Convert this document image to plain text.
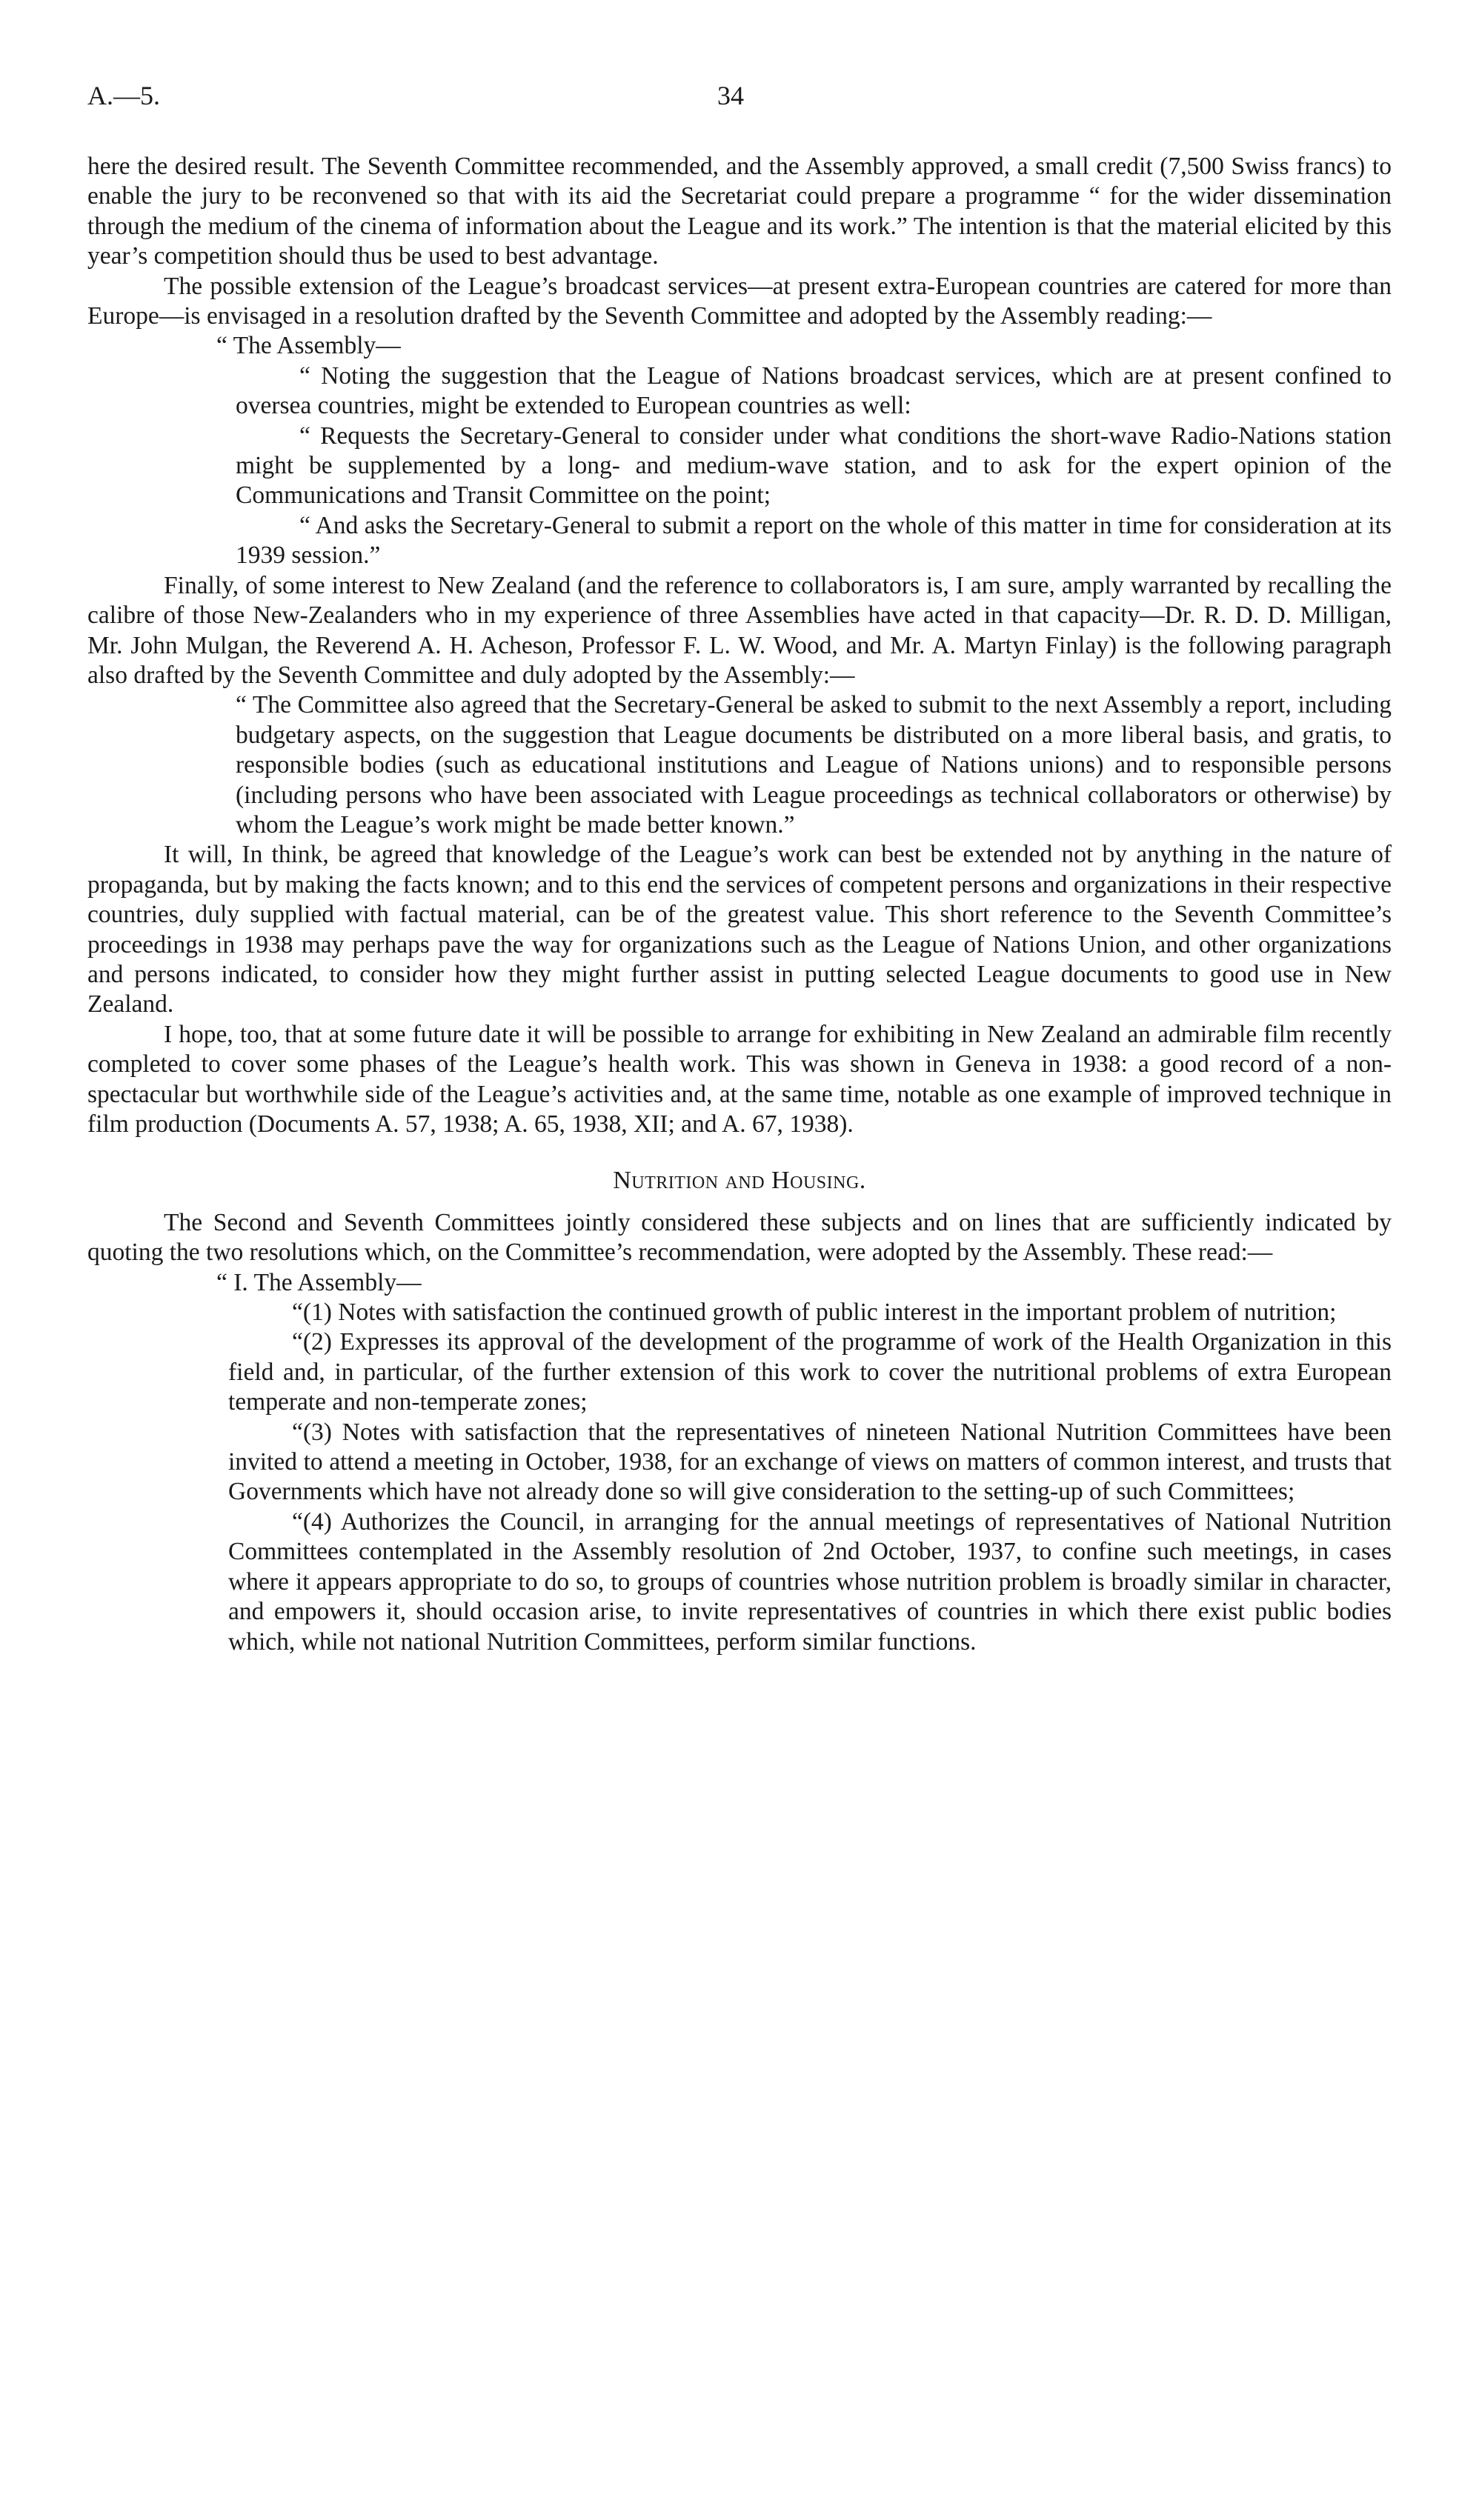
A.—5.	34

here the desired result. The Seventh Committee recommended, and the Assembly approved, a small credit (7,500 Swiss francs) to enable the jury to be reconvened so that with its aid the Secretariat could prepare a programme “ for the wider dissemination through the medium of the cinema of information about the League and its work.” The intention is that the material elicited by this year’s competition should thus be used to best advantage.

The possible extension of the League’s broadcast services—at present extra-European countries are catered for more than Europe—is envisaged in a resolution drafted by the Seventh Committee and adopted by the Assembly reading:—

“ The Assembly—

“ Noting the suggestion that the League of Nations broadcast services, which are at present confined to oversea countries, might be extended to European countries as well:

“ Requests the Secretary-General to consider under what conditions the short-wave Radio-Nations station might be supplemented by a long- and medium-wave station, and to ask for the expert opinion of the Communications and Transit Committee on the point;

“ And asks the Secretary-General to submit a report on the whole of this matter in time for consideration at its 1939 session.”

Finally, of some interest to New Zealand (and the reference to collaborators is, I am sure, amply warranted by recalling the calibre of those New-Zealanders who in my experience of three Assemblies have acted in that capacity—Dr. R. D. D. Milligan, Mr. John Mulgan, the Reverend A. H. Acheson, Professor F. L. W. Wood, and Mr. A. Martyn Finlay) is the following paragraph also drafted by the Seventh Committee and duly adopted by the Assembly:—

“ The Committee also agreed that the Secretary-General be asked to submit to the next Assembly a report, including budgetary aspects, on the suggestion that League documents be distributed on a more liberal basis, and gratis, to responsible bodies (such as educational institutions and League of Nations unions) and to responsible persons (including persons who have been associated with League proceedings as technical collaborators or otherwise) by whom the League’s work might be made better known.”

It will, In think, be agreed that knowledge of the League’s work can best be extended not by anything in the nature of propaganda, but by making the facts known; and to this end the services of competent persons and organizations in their respective countries, duly supplied with factual material, can be of the greatest value. This short reference to the Seventh Committee’s proceedings in 1938 may perhaps pave the way for organizations such as the League of Nations Union, and other organizations and persons indicated, to consider how they might further assist in putting selected League documents to good use in New Zealand.

I hope, too, that at some future date it will be possible to arrange for exhibiting in New Zealand an admirable film recently completed to cover some phases of the League’s health work. This was shown in Geneva in 1938: a good record of a non-spectacular but worthwhile side of the League’s activities and, at the same time, notable as one example of improved technique in film production (Documents A. 57, 1938; A. 65, 1938, XII; and A. 67, 1938).

Nutrition and Housing.

The Second and Seventh Committees jointly considered these subjects and on lines that are sufficiently indicated by quoting the two resolutions which, on the Committee’s recommendation, were adopted by the Assembly. These read:—

“ I. The Assembly—

“(1) Notes with satisfaction the continued growth of public interest in the important problem of nutrition;

“(2) Expresses its approval of the development of the programme of work of the Health Organization in this field and, in particular, of the further extension of this work to cover the nutritional problems of extra European temperate and non-temperate zones;

“(3) Notes with satisfaction that the representatives of nineteen National Nutrition Committees have been invited to attend a meeting in October, 1938, for an exchange of views on matters of common interest, and trusts that Governments which have not already done so will give consideration to the setting-up of such Committees;

“(4) Authorizes the Council, in arranging for the annual meetings of representatives of National Nutrition Committees contemplated in the Assembly resolution of 2nd October, 1937, to confine such meetings, in cases where it appears appropriate to do so, to groups of countries whose nutrition problem is broadly similar in character, and empowers it, should occasion arise, to invite representatives of countries in which there exist public bodies which, while not national Nutrition Committees, perform similar functions.
